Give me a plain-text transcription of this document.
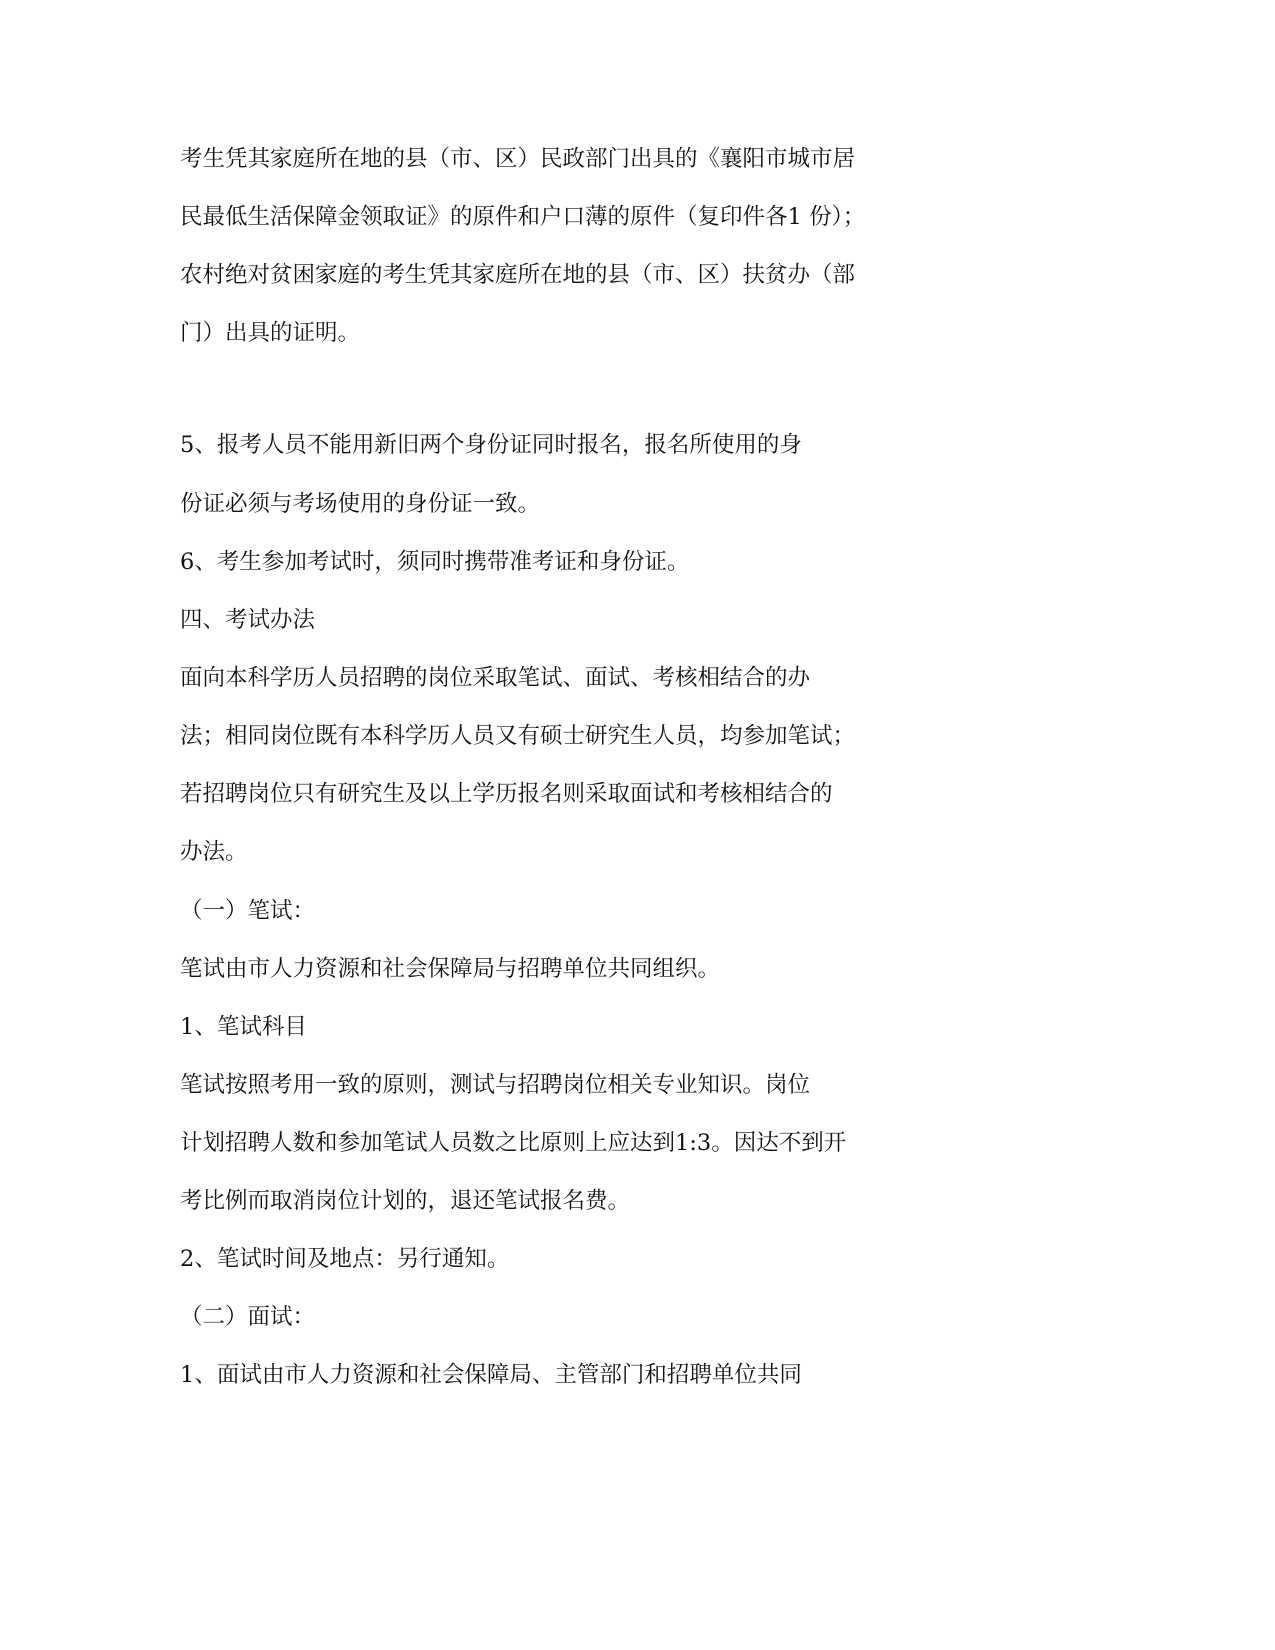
考生凭其家庭所在地的县（市、区）民政部门出具的《襄阳市城市居

民最低生活保障金领取证》的原件和户口薄的原件（复印件各1 份）；

农村绝对贫困家庭的考生凭其家庭所在地的县（市、区）扶贫办（部

门）出具的证明。

5、报考人员不能用新旧两个身份证同时报名，报名所使用的身

份证必须与考场使用的身份证一致。

6、考生参加考试时，须同时携带准考证和身份证。

四、考试办法

面向本科学历人员招聘的岗位采取笔试、面试、考核相结合的办

法；相同岗位既有本科学历人员又有硕士研究生人员，均参加笔试；

若招聘岗位只有研究生及以上学历报名则采取面试和考核相结合的

办法。

（一）笔试：

笔试由市人力资源和社会保障局与招聘单位共同组织。

1、笔试科目

笔试按照考用一致的原则，测试与招聘岗位相关专业知识。岗位

计划招聘人数和参加笔试人员数之比原则上应达到1:3。因达不到开

考比例而取消岗位计划的，退还笔试报名费。

2、笔试时间及地点：另行通知。

（二）面试：

1、面试由市人力资源和社会保障局、主管部门和招聘单位共同
